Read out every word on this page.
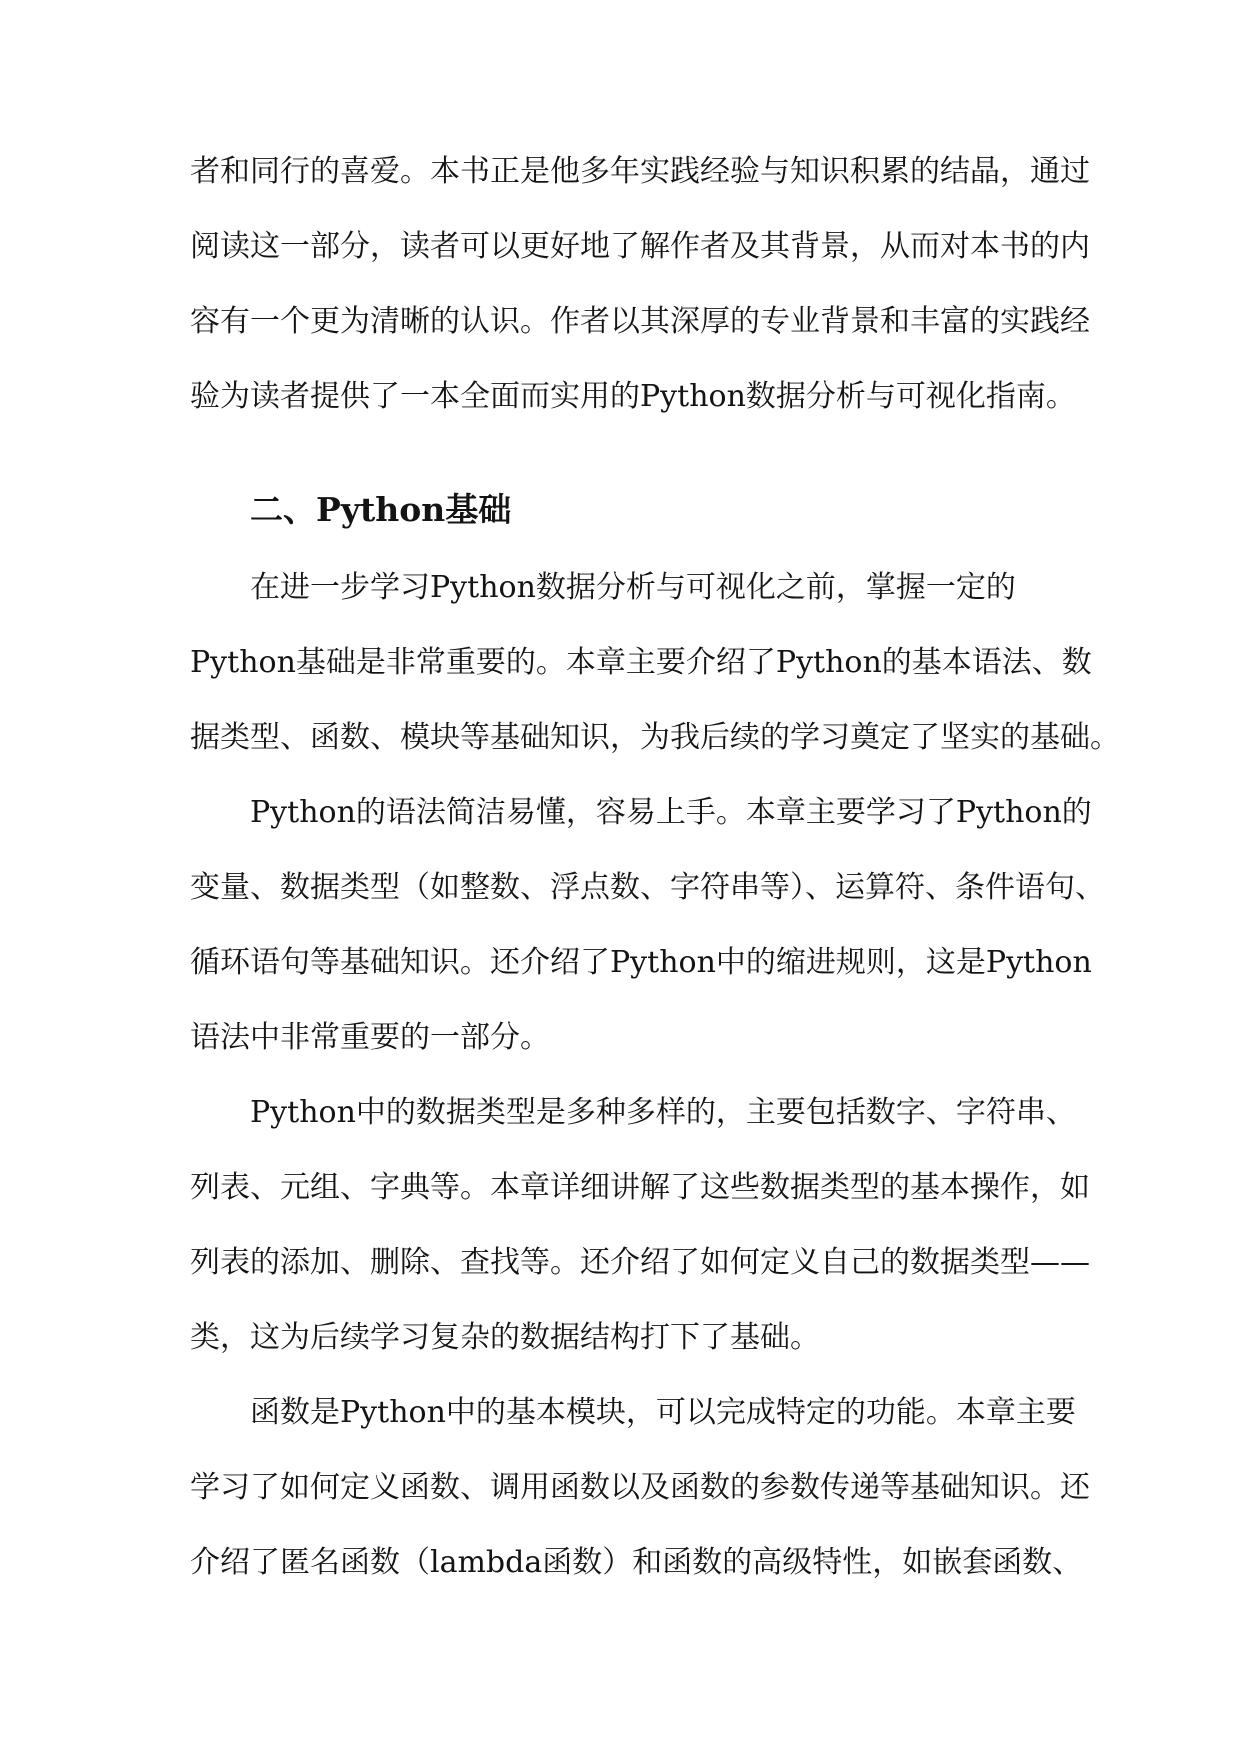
者和同行的喜爱。本书正是他多年实践经验与知识积累的结晶，通过
阅读这一部分，读者可以更好地了解作者及其背景，从而对本书的内
容有一个更为清晰的认识。作者以其深厚的专业背景和丰富的实践经
验为读者提供了一本全面而实用的Python数据分析与可视化指南。
二、Python基础
在进一步学习Python数据分析与可视化之前，掌握一定的
Python基础是非常重要的。本章主要介绍了Python的基本语法、数
据类型、函数、模块等基础知识，为我后续的学习奠定了坚实的基础。
Python的语法简洁易懂，容易上手。本章主要学习了Python的
变量、数据类型（如整数、浮点数、字符串等）、运算符、条件语句、
循环语句等基础知识。还介绍了Python中的缩进规则，这是Python
语法中非常重要的一部分。
Python中的数据类型是多种多样的，主要包括数字、字符串、
列表、元组、字典等。本章详细讲解了这些数据类型的基本操作，如
列表的添加、删除、查找等。还介绍了如何定义自己的数据类型——
类，这为后续学习复杂的数据结构打下了基础。
函数是Python中的基本模块，可以完成特定的功能。本章主要
学习了如何定义函数、调用函数以及函数的参数传递等基础知识。还
介绍了匿名函数（lambda函数）和函数的高级特性，如嵌套函数、
